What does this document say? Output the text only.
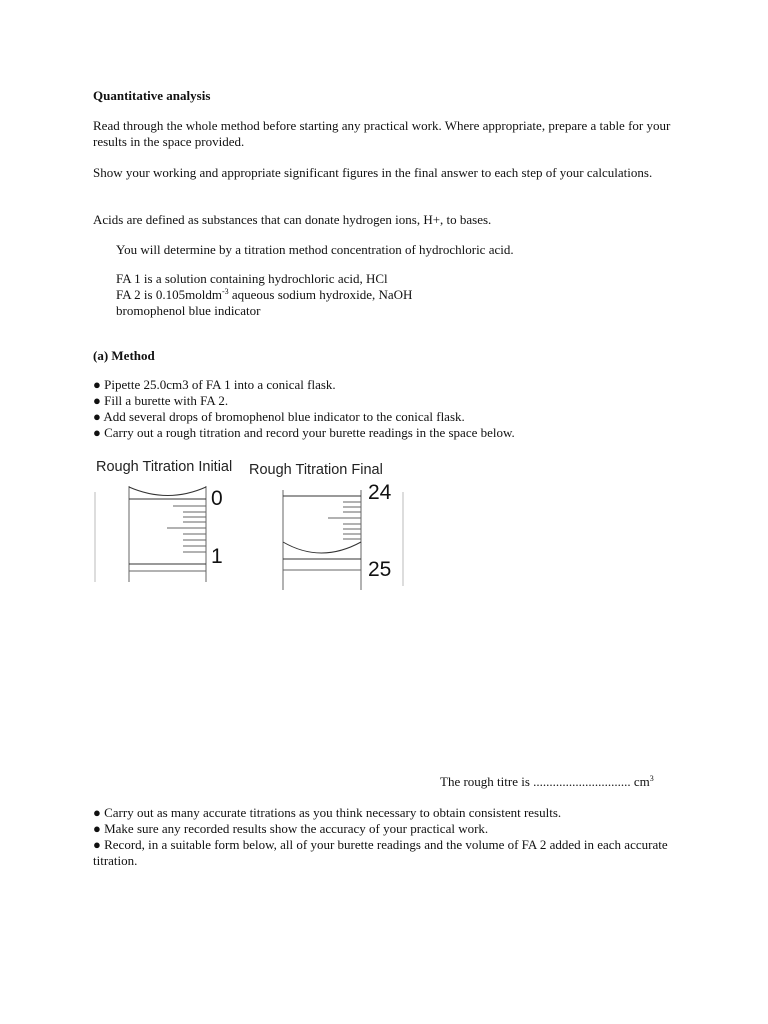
Quantitative analysis

Read through the whole method before starting any practical work. Where appropriate, prepare a table for your results in the space provided.

Show your working and appropriate significant figures in the final answer to each step of your calculations.

Acids are defined as substances that can donate hydrogen ions, H+, to bases.

You will determine by a titration method concentration of hydrochloric acid.

FA 1 is a solution containing hydrochloric acid, HCl
FA 2 is 0.105moldm$^{-3}$ aqueous sodium hydroxide, NaOH
bromophenol blue indicator
(a) Method
● Pipette 25.0cm3 of FA 1 into a conical flask.
● Fill a burette with FA 2.
● Add several drops of bromophenol blue indicator to the conical flask.
● Carry out a rough titration and record your burette readings in the space below.
Rough Titration Initial Rough Titration Final
0
1
24
25
The rough titre is .............................. $cm^3$
● Carry out as many accurate titrations as you think necessary to obtain consistent results.
● Make sure any recorded results show the accuracy of your practical work.

● Record, in a suitable form below, all of your burette readings and the volume of FA 2 added in each accurate titration.
